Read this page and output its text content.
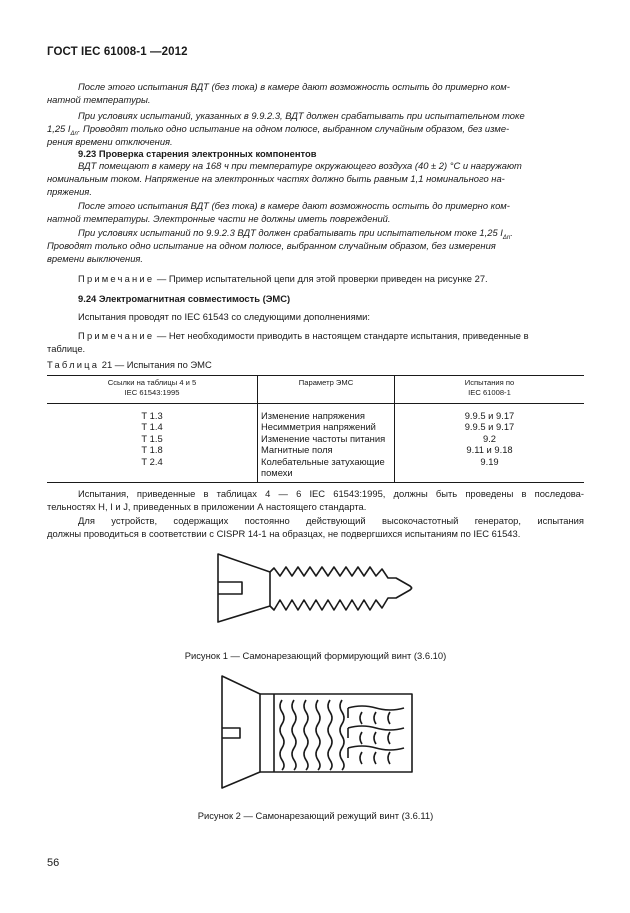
ГОСТ IEC 61008-1 —2012
После этого испытания ВДТ (без тока) в камере дают возможность остыть до примерно ком-
натной температуры.
При условиях испытаний, указанных в 9.9.2.3, ВДТ должен срабатывать при испытательном токе
1,25 $I_{\Delta n}$. Проводят только одно испытание на одном полюсе, выбранном случайным образом, без изме-
рения времени отключения.
9.23 Проверка старения электронных компонентов
ВДТ помещают в камеру на 168 ч при температуре окружающего воздуха (40 ± 2) °С и нагружают
номинальным током. Напряжение на электронных частях должно быть равным 1,1 номинального на-
пряжения.
После этого испытания ВДТ (без тока) в камере дают возможность остыть до примерно ком-
натной температуры. Электронные части не должны иметь повреждений.
При условиях испытаний по 9.9.2.3 ВДТ должен срабатывать при испытательном токе 1,25 $I_{\Delta n}$.
Проводят только одно испытание на одном полюсе, выбранном случайным образом, без измерения
времени выключения.
Примечание — Пример испытательной цепи для этой проверки приведен на рисунке 27.
9.24 Электромагнитная совместимость (ЭМС)
Испытания проводят по IEC 61543 со следующими дополнениями:
Примечание — Нет необходимости приводить в настоящем стандарте испытания, приведенные в
таблице.
Таблица 21 — Испытания по ЭМС
Ссылки на таблицы 4 и 5
IEC 61543:1995	Параметр ЭМС	Испытания по
IEC 61008-1
Т 1.3	Изменение напряжения	9.9.5 и 9.17
Т 1.4	Несимметрия напряжений	9.9.5 и 9.17
Т 1.5	Изменение частоты питания	9.2
Т 1.8	Магнитные поля	9.11 и 9.18
Т 2.4	Колебательные затухающие помехи	9.19
Испытания, приведенные в таблицах 4 — 6 IEC 61543:1995, должны быть проведены в последова-
тельностях H, I и J, приведенных в приложении А настоящего стандарта.
Для устройств, содержащих постоянно действующий высокочастотный генератор, испытания
должны проводиться в соответствии с CISPR 14-1 на образцах, не подвергшихся испытаниям по IEC 61543.
Рисунок 1 — Самонарезающий формирующий винт (3.6.10)
Рисунок 2 — Самонарезающий режущий винт (3.6.11)
56
